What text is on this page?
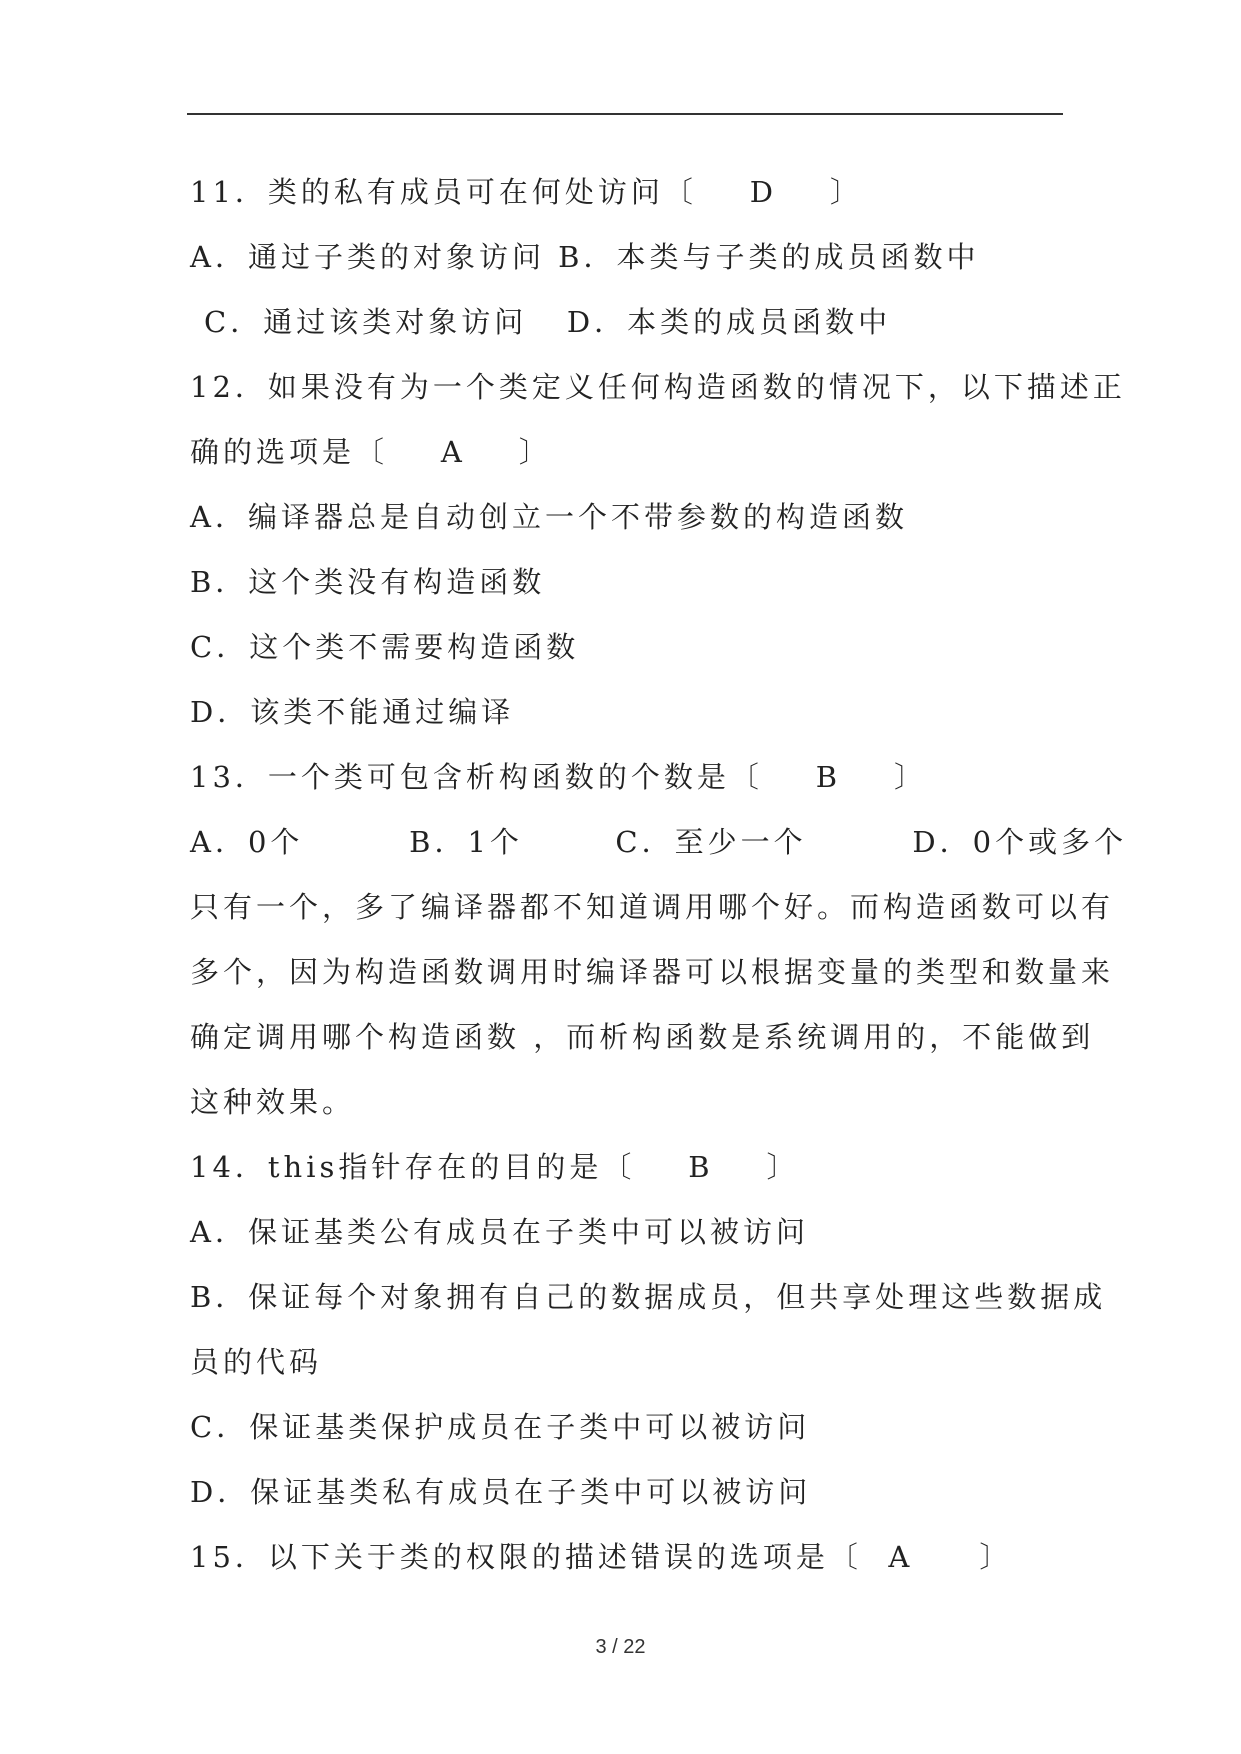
11．类的私有成员可在何处访问〔    D    〕
A．通过子类的对象访问 B．本类与子类的成员函数中
C．通过该类对象访问   D．本类的成员函数中
12．如果没有为一个类定义任何构造函数的情况下，以下描述正
确的选项是〔    A    〕
A．编译器总是自动创立一个不带参数的构造函数
B．这个类没有构造函数
C．这个类不需要构造函数
D．该类不能通过编译
13．一个类可包含析构函数的个数是〔    B    〕
A．0个        B．1个       C．至少一个        D．0个或多个
只有一个，多了编译器都不知道调用哪个好。而构造函数可以有
多个，因为构造函数调用时编译器可以根据变量的类型和数量来
确定调用哪个构造函数 ，而析构函数是系统调用的，不能做到
这种效果。
14．this指针存在的目的是〔    B    〕
A．保证基类公有成员在子类中可以被访问
B．保证每个对象拥有自己的数据成员，但共享处理这些数据成
员的代码
C．保证基类保护成员在子类中可以被访问
D．保证基类私有成员在子类中可以被访问
15．以下关于类的权限的描述错误的选项是〔  A     〕
3 / 22
